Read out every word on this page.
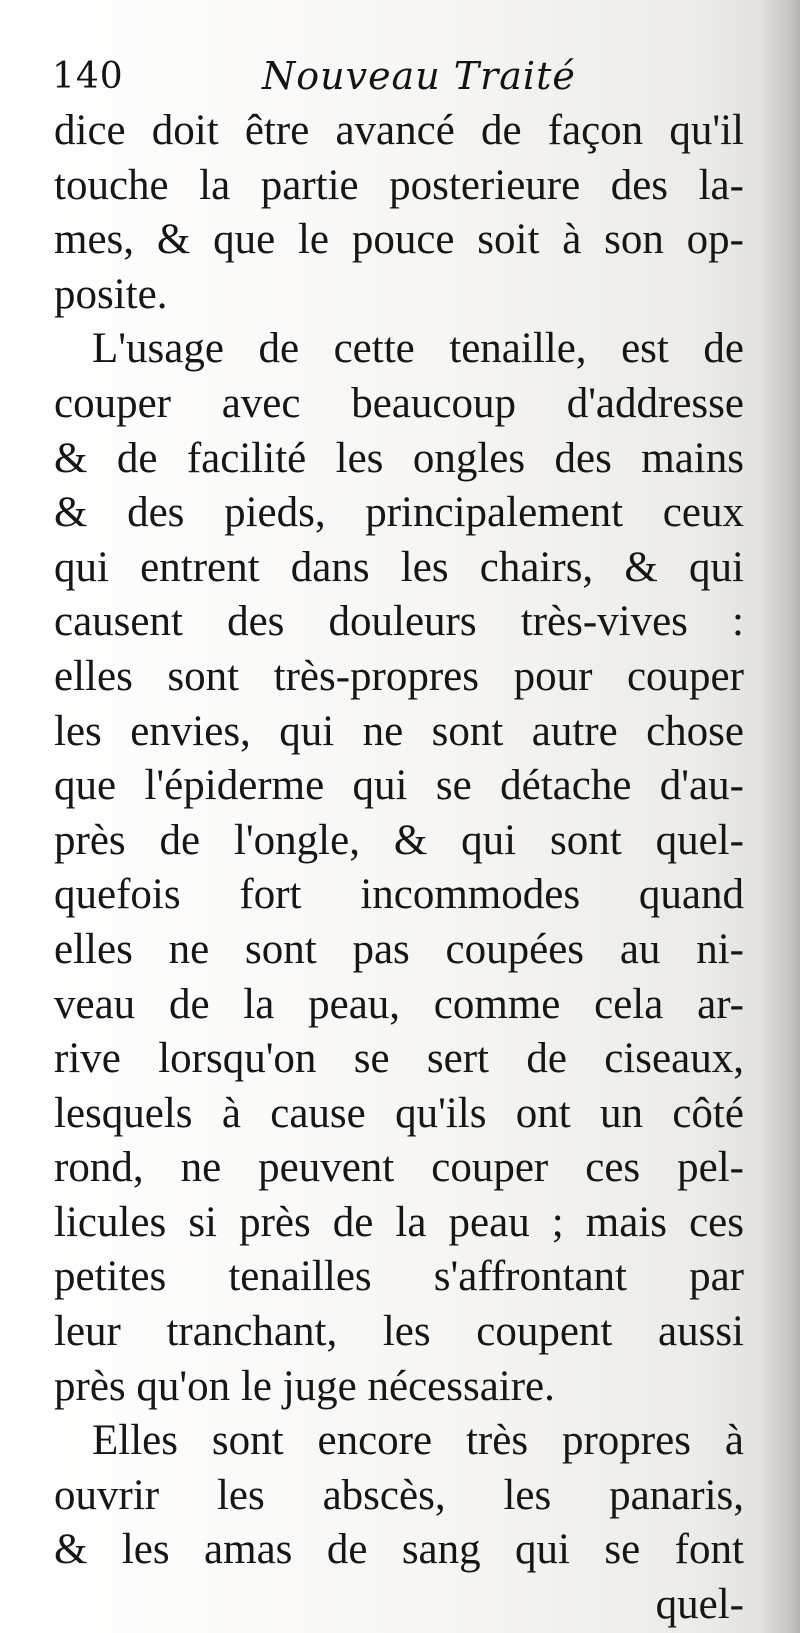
140	Nouveau Traité
dice doit être avancé de façon qu'il
touche la partie posterieure des la-
mes, & que le pouce soit à son op-
posite.
L'usage de cette tenaille, est de
couper avec beaucoup d'addresse
& de facilité les ongles des mains
& des pieds, principalement ceux
qui entrent dans les chairs, & qui
causent des douleurs très-vives :
elles sont très-propres pour couper
les envies, qui ne sont autre chose
que l'épiderme qui se détache d'au-
près de l'ongle, & qui sont quel-
quefois fort incommodes quand
elles ne sont pas coupées au ni-
veau de la peau, comme cela ar-
rive lorsqu'on se sert de ciseaux,
lesquels à cause qu'ils ont un côté
rond, ne peuvent couper ces pel-
licules si près de la peau ; mais ces
petites tenailles s'affrontant par
leur tranchant, les coupent aussi
près qu'on le juge nécessaire.
Elles sont encore très propres à
ouvrir les abscès, les panaris,
& les amas de sang qui se font
quel-
